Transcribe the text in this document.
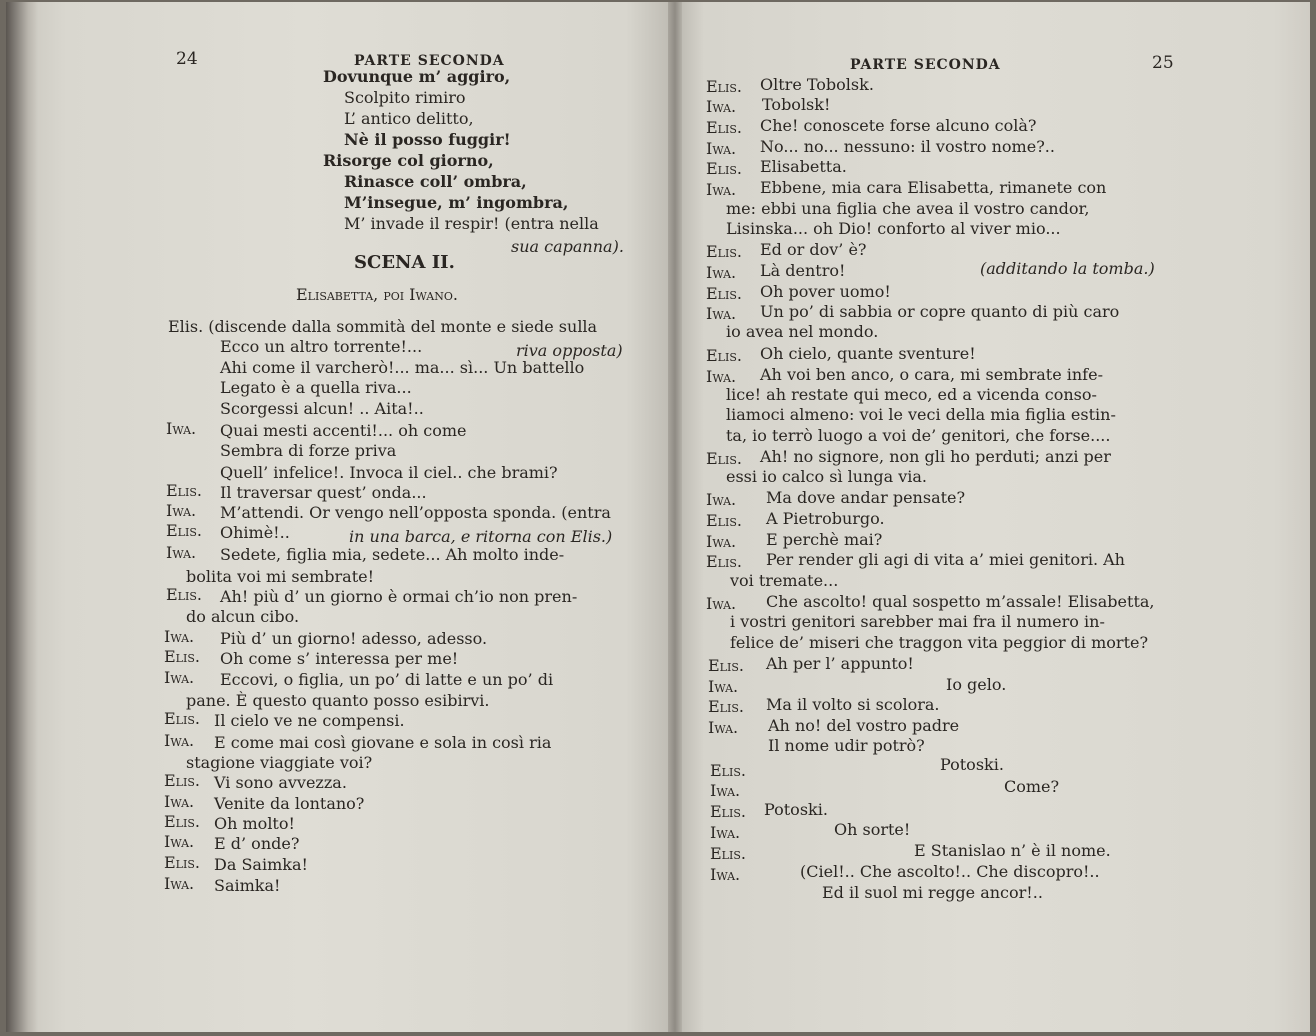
24	PARTE SECONDA
Dovunque m’ aggiro,
Scolpito rimiro
L’ antico delitto,
Nè il posso fuggir!
Risorge col giorno,
Rinasce coll’ ombra,
M’insegue, m’ ingombra,
M’ invade il respir! (entra nella
sua capanna).
SCENA II.
Elisabetta, poi Iwano.
Elis. (discende dalla sommità del monte e siede sulla
Ecco un altro torrente!...	riva opposta)
Ahi come il varcherò!... ma... sì... Un battello
Legato è a quella riva...
Scorgessi alcun! .. Aita!..
Iwa. Quai mesti accenti!... oh come
Sembra di forze priva
Quell’ infelice!. Invoca il ciel.. che brami?
Elis. Il traversar quest’ onda...
Iwa. M’attendi. Or vengo nell’opposta sponda. (entra
Elis. Ohimè!..	in una barca, e ritorna con Elis.)
Iwa. Sedete, figlia mia, sedete... Ah molto inde-
bolita voi mi sembrate!
Elis. Ah! più d’ un giorno è ormai ch’io non pren-
do alcun cibo.
Iwa. Più d’ un giorno! adesso, adesso.
Elis. Oh come s’ interessa per me!
Iwa. Eccovi, o figlia, un po’ di latte e un po’ di
pane. È questo quanto posso esibirvi.
Elis. Il cielo ve ne compensi.
Iwa. E come mai così giovane e sola in così ria
stagione viaggiate voi?
Elis. Vi sono avvezza.
Iwa. Venite da lontano?
Elis. Oh molto!
Iwa. E d’ onde?
Elis. Da Saimka!
Iwa. Saimka!
PARTE SECONDA	25
Elis. Oltre Tobolsk.
Iwa. Tobolsk!
Elis. Che! conoscete forse alcuno colà?
Iwa. No... no... nessuno: il vostro nome?..
Elis. Elisabetta.
Iwa. Ebbene, mia cara Elisabetta, rimanete con
me: ebbi una figlia che avea il vostro candor,
Lisinska... oh Dio! conforto al viver mio...
Elis. Ed or dov’ è?
Iwa. Là dentro!	(additando la tomba.)
Elis. Oh pover uomo!
Iwa. Un po’ di sabbia or copre quanto di più caro
io avea nel mondo.
Elis. Oh cielo, quante sventure!
Iwa. Ah voi ben anco, o cara, mi sembrate infe-
lice! ah restate qui meco, ed a vicenda conso-
liamoci almeno: voi le veci della mia figlia estin-
ta, io terrò luogo a voi de’ genitori, che forse....
Elis. Ah! no signore, non gli ho perduti; anzi per
essi io calco sì lunga via.
Iwa. Ma dove andar pensate?
Elis. A Pietroburgo.
Iwa. E perchè mai?
Elis. Per render gli agi di vita a’ miei genitori. Ah
voi tremate...
Iwa. Che ascolto! qual sospetto m’assale! Elisabetta,
i vostri genitori sarebber mai fra il numero in-
felice de’ miseri che traggon vita peggior di morte?
Elis. Ah per l’ appunto!
Iwa.	Io gelo.
Elis. Ma il volto si scolora.
Iwa. Ah no! del vostro padre
Il nome udir potrò?
Elis.	Potoski.
Iwa.	Come?
Elis. Potoski.
Iwa.	Oh sorte!
Elis.	E Stanislao n’ è il nome.
Iwa.	(Ciel!.. Che ascolto!.. Che discopro!..
Ed il suol mi regge ancor!..
